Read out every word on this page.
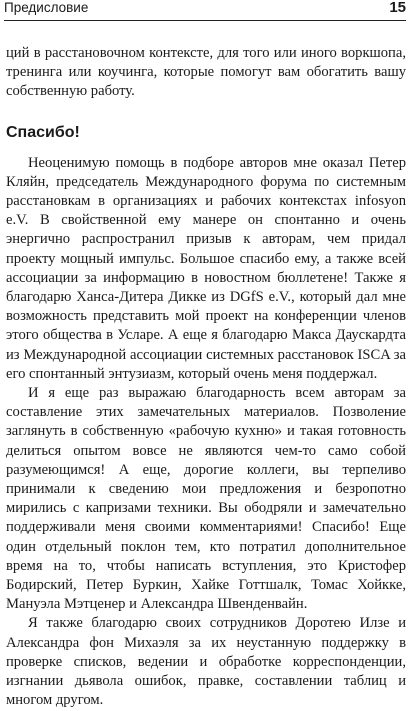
Предисловие	15

ций в расстановочном контексте, для того или иного воркшопа, тренинга или коучинга, которые помогут вам обогатить вашу собственную работу.

Спасибо!

Неоценимую помощь в подборе авторов мне оказал Петер Кляйн, председатель Международного форума по системным расстановкам в организациях и рабочих контекстах infosyon e.V. В свойственной ему манере он спонтанно и очень энергично распространил призыв к авторам, чем придал проекту мощный импульс. Большое спасибо ему, а также всей ассоциации за информацию в новостном бюллетене! Также я благодарю Ханса-Дитера Дикке из DGfS e.V., который дал мне возможность представить мой проект на конференции членов этого общества в Усларе. А еще я благодарю Макса Даускардта из Международной ассоциации системных расстановок ISCA за его спонтанный энтузиазм, который очень меня поддержал.

И я еще раз выражаю благодарность всем авторам за составление этих замечательных материалов. Позволение заглянуть в собственную «рабочую кухню» и такая готовность делиться опытом вовсе не являются чем-то само собой разумеющимся! А еще, дорогие коллеги, вы терпеливо принимали к сведению мои предложения и безропотно мирились с капризами техники. Вы ободряли и замечательно поддерживали меня своими комментариями! Спасибо! Еще один отдельный поклон тем, кто потратил дополнительное время на то, чтобы написать вступления, это Кристофер Бодирский, Петер Буркин, Хайке Готтшалк, Томас Хойкке, Мануэла Мэтценер и Александра Швенденвайн.

Я также благодарю своих сотрудников Доротею Илзе и Александра фон Михаэля за их неустанную поддержку в проверке списков, ведении и обработке корреспонденции, изгнании дьявола ошибок, правке, составлении таблиц и многом другом.
